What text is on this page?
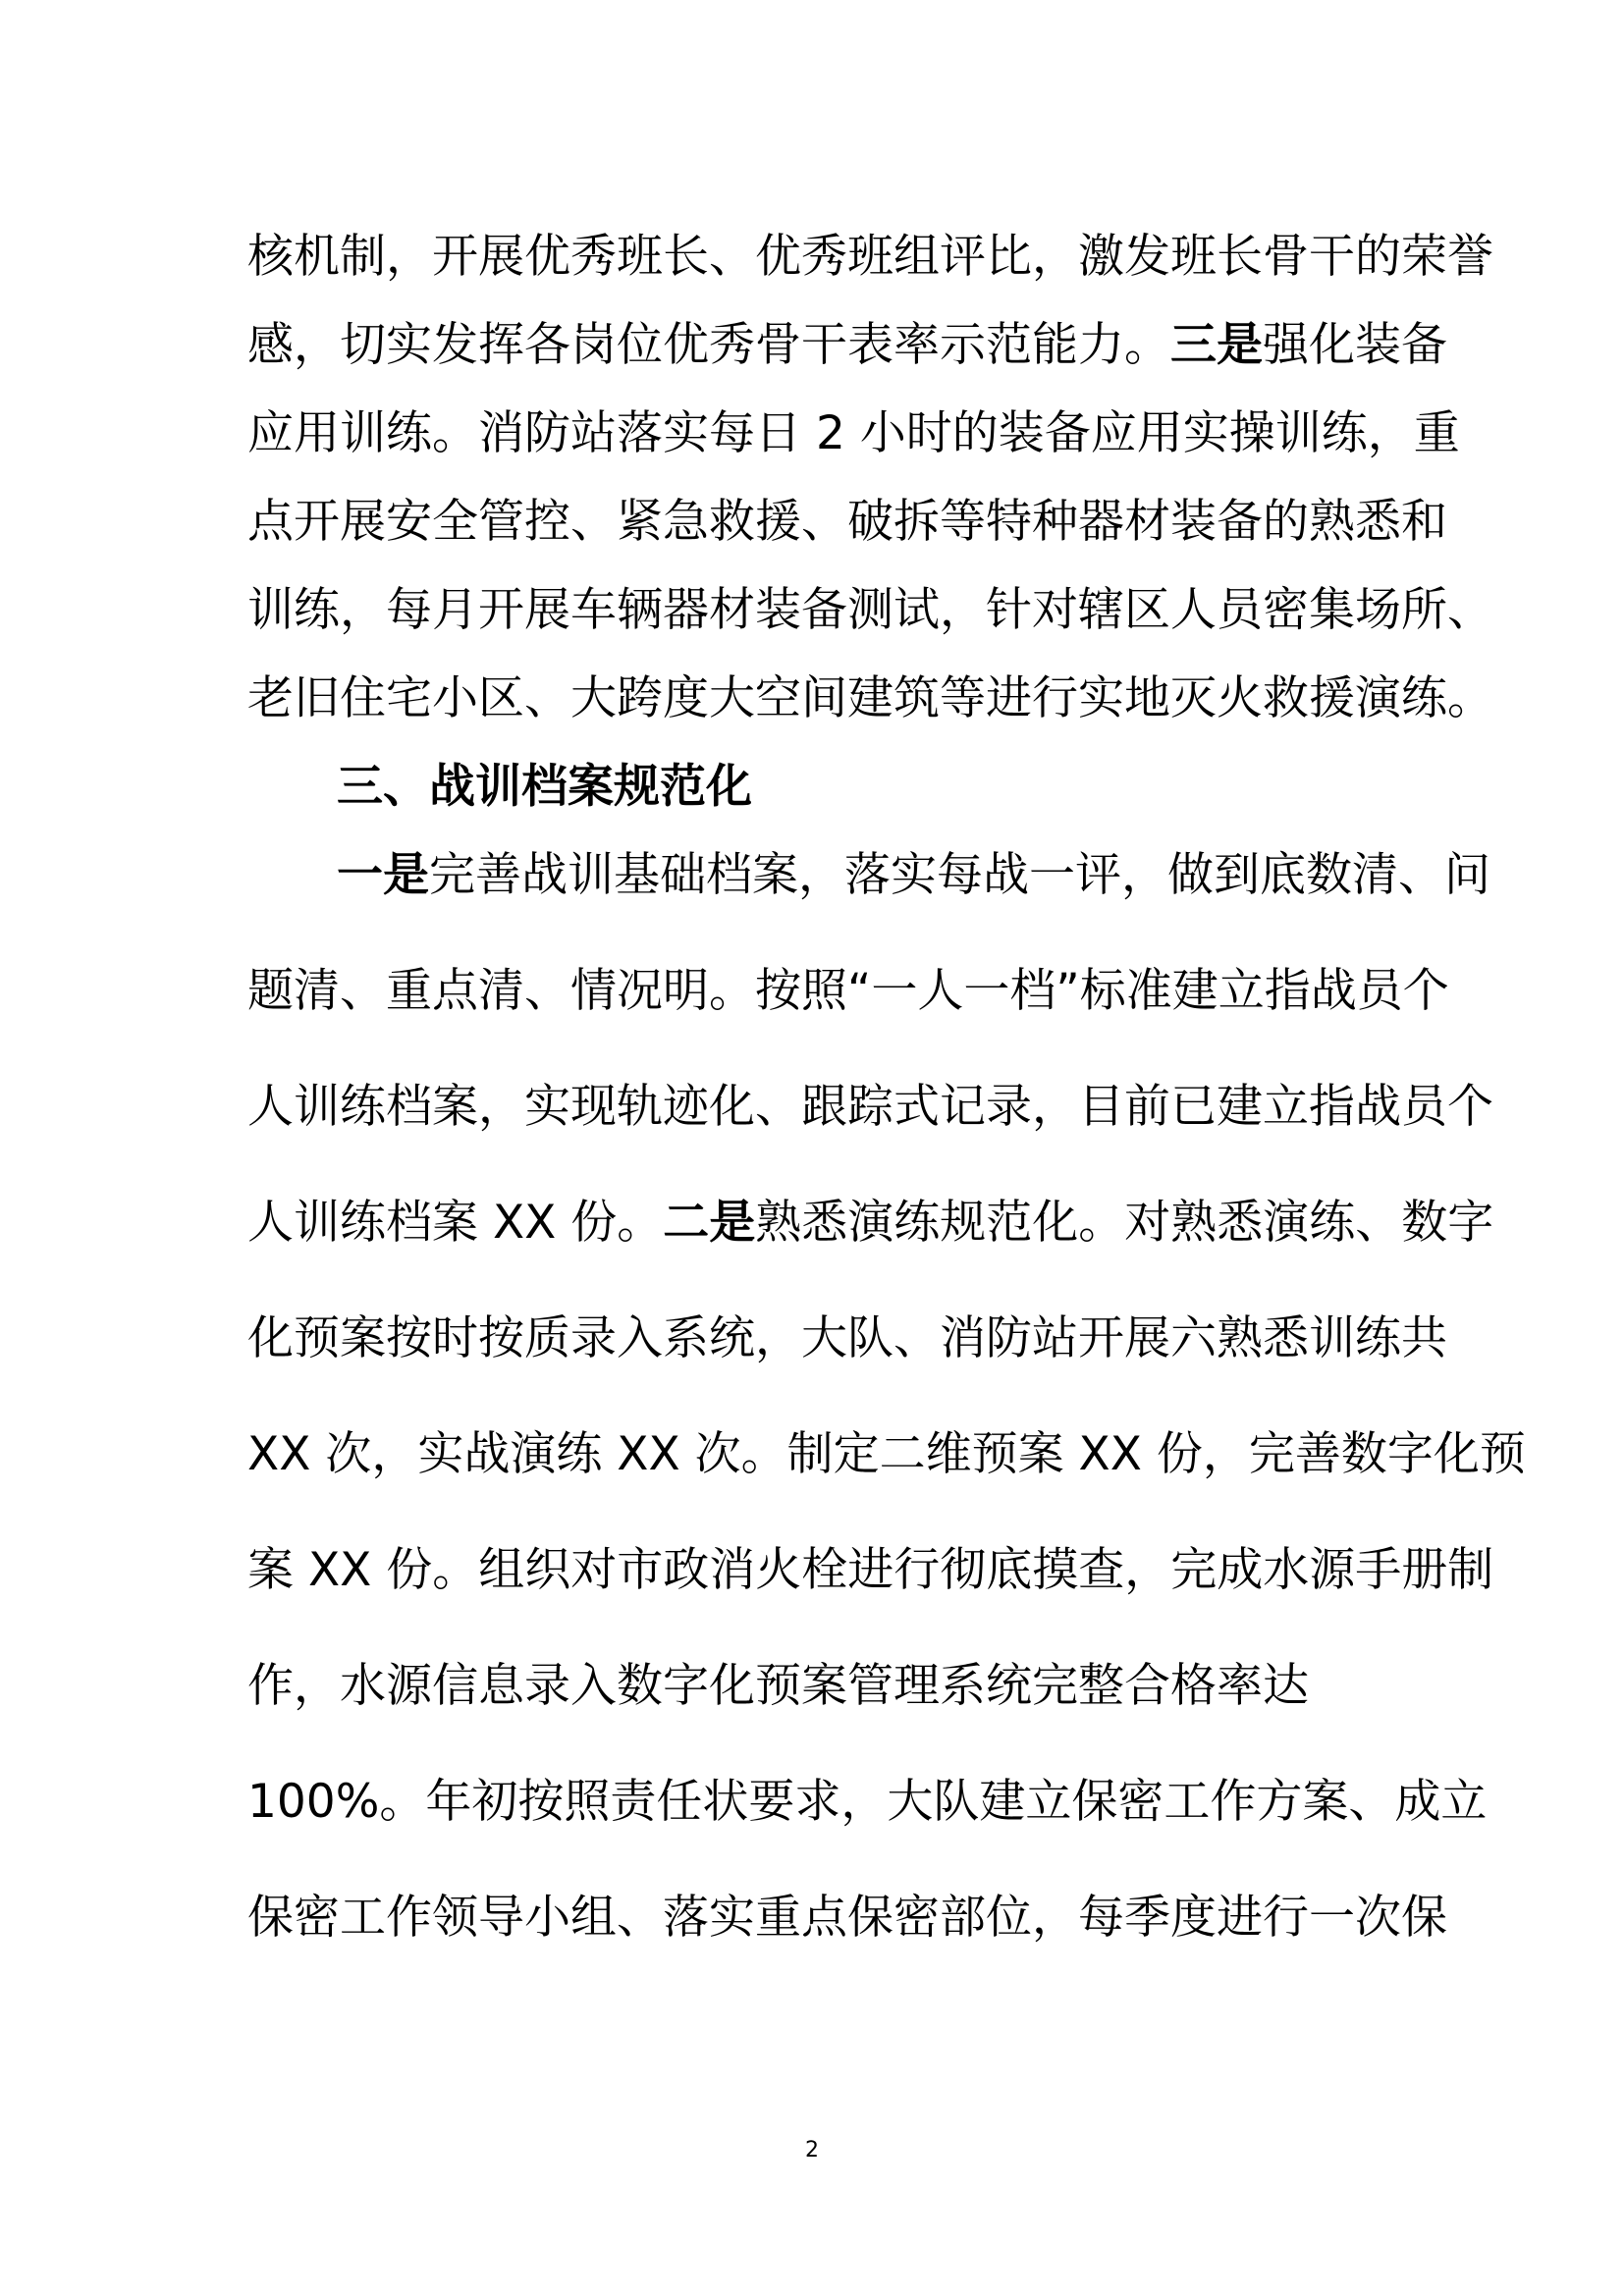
核机制，开展优秀班长、优秀班组评比，激发班长骨干的荣誉
感，切实发挥各岗位优秀骨干表率示范能力。三是强化装备
应用训练。消防站落实每日 2 小时的装备应用实操训练，重
点开展安全管控、紧急救援、破拆等特种器材装备的熟悉和
训练，每月开展车辆器材装备测试，针对辖区人员密集场所、
老旧住宅小区、大跨度大空间建筑等进行实地灭火救援演练。
三、战训档案规范化
一是完善战训基础档案，落实每战一评，做到底数清、问
题清、重点清、情况明。按照“一人一档”标准建立指战员个
人训练档案，实现轨迹化、跟踪式记录，目前已建立指战员个
人训练档案 XX 份。二是熟悉演练规范化。对熟悉演练、数字
化预案按时按质录入系统，大队、消防站开展六熟悉训练共
XX 次，实战演练 XX 次。制定二维预案 XX 份，完善数字化预
案 XX 份。组织对市政消火栓进行彻底摸查，完成水源手册制
作，水源信息录入数字化预案管理系统完整合格率达
100%。年初按照责任状要求，大队建立保密工作方案、成立
保密工作领导小组、落实重点保密部位，每季度进行一次保
2
